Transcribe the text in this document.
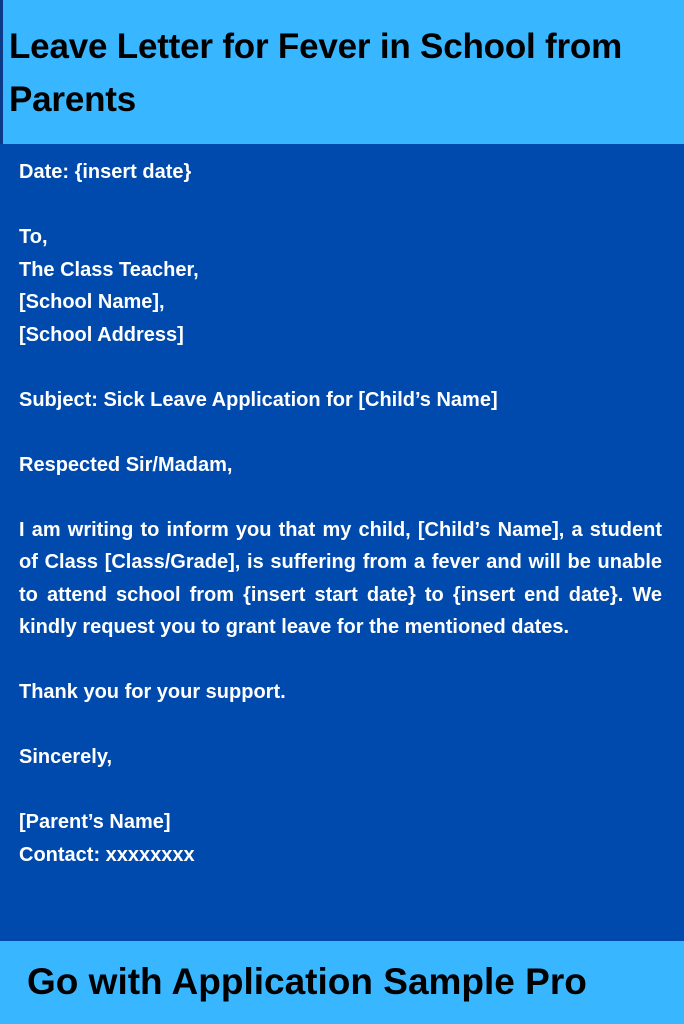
Leave Letter for Fever in School from Parents

Date: {insert date}

To,

The Class Teacher,

[School Name],

[School Address]

Subject: Sick Leave Application for [Child’s Name]

Respected Sir/Madam,

I am writing to inform you that my child, [Child’s Name], a student of Class [Class/Grade], is suffering from a fever and will be unable to attend school from {insert start date} to {insert end date}. We kindly request you to grant leave for the mentioned dates.

Thank you for your support.

Sincerely,

[Parent’s Name]

Contact: xxxxxxxx

Go with Application Sample Pro
